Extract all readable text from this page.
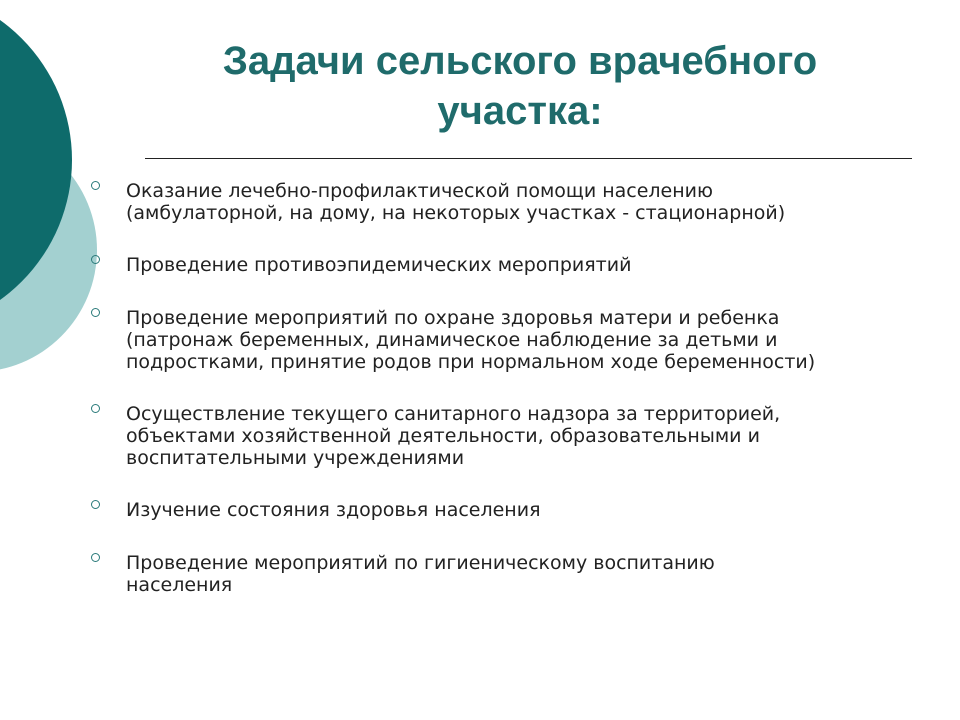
Задачи сельского врачебного
участка:
Оказание лечебно-профилактической помощи населению
(амбулаторной, на дому, на некоторых участках - стационарной)
Проведение противоэпидемических мероприятий
Проведение мероприятий по охране здоровья матери и ребенка
(патронаж беременных, динамическое наблюдение за детьми и
подростками, принятие родов при нормальном ходе беременности)
Осуществление текущего санитарного надзора за территорией,
объектами хозяйственной деятельности, образовательными и
воспитательными учреждениями
Изучение состояния здоровья населения
Проведение мероприятий по гигиеническому воспитанию
населения
